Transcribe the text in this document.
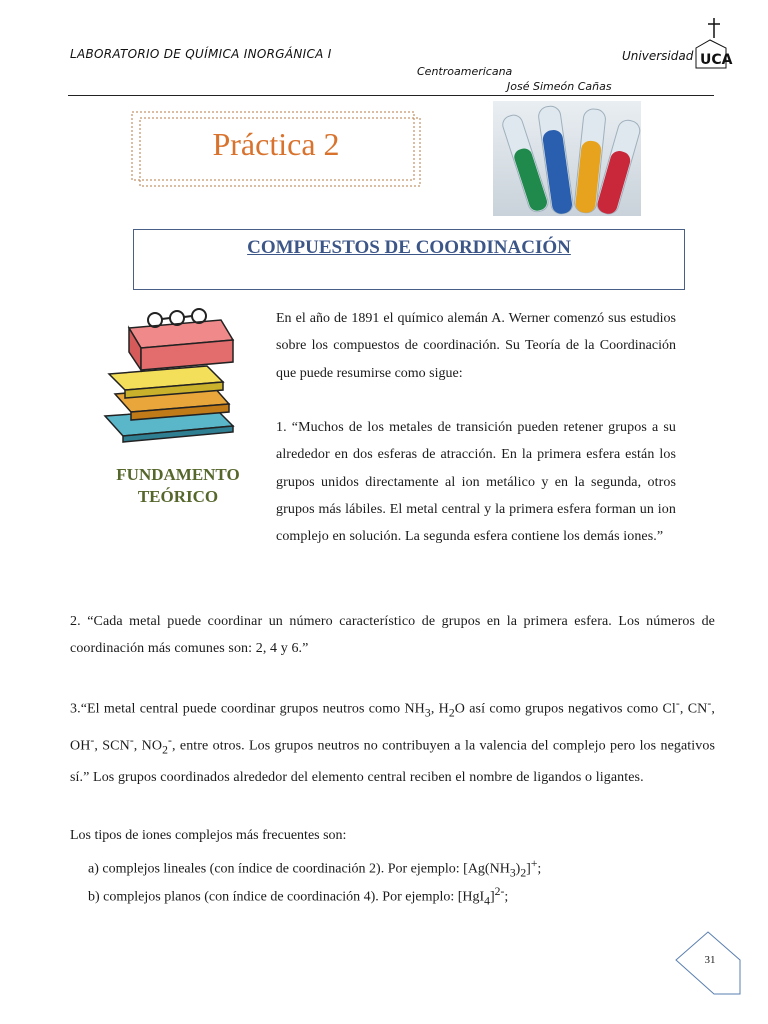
LABORATORIO DE QUÍMICA INORGÁNICA I	Universidad
Centroamericana
José Simeón Cañas
UCA
Práctica 2
COMPUESTOS DE COORDINACIÓN
FUNDAMENTO
TEÓRICO
En el año de 1891 el químico alemán A. Werner comenzó sus estudios sobre los compuestos de coordinación. Su Teoría de la Coordinación que puede resumirse como sigue:
1. “Muchos de los metales de transición pueden retener grupos a su alrededor en dos esferas de atracción. En la primera esfera están los grupos unidos directamente al ion metálico y en la segunda, otros grupos más lábiles. El metal central y la primera esfera forman un ion complejo en solución. La segunda esfera contiene los demás iones.”
2. “Cada metal puede coordinar un número característico de grupos en la primera esfera. Los números de coordinación más comunes son: 2, 4 y 6.”
3.“El metal central puede coordinar grupos neutros como $NH_3$, $H_2O$ así como grupos negativos como Cl-, CN-, OH-, SCN-, $NO_2^-$, entre otros. Los grupos neutros no contribuyen a la valencia del complejo pero los negativos sí.” Los grupos coordinados alrededor del elemento central reciben el nombre de ligandos o ligantes.
Los tipos de iones complejos más frecuentes son:
a) complejos lineales (con índice de coordinación 2). Por ejemplo: $[Ag(NH_3)_2]^+$;
b) complejos planos (con índice de coordinación 4). Por ejemplo: $[HgI_4]^{2-}$;
31
